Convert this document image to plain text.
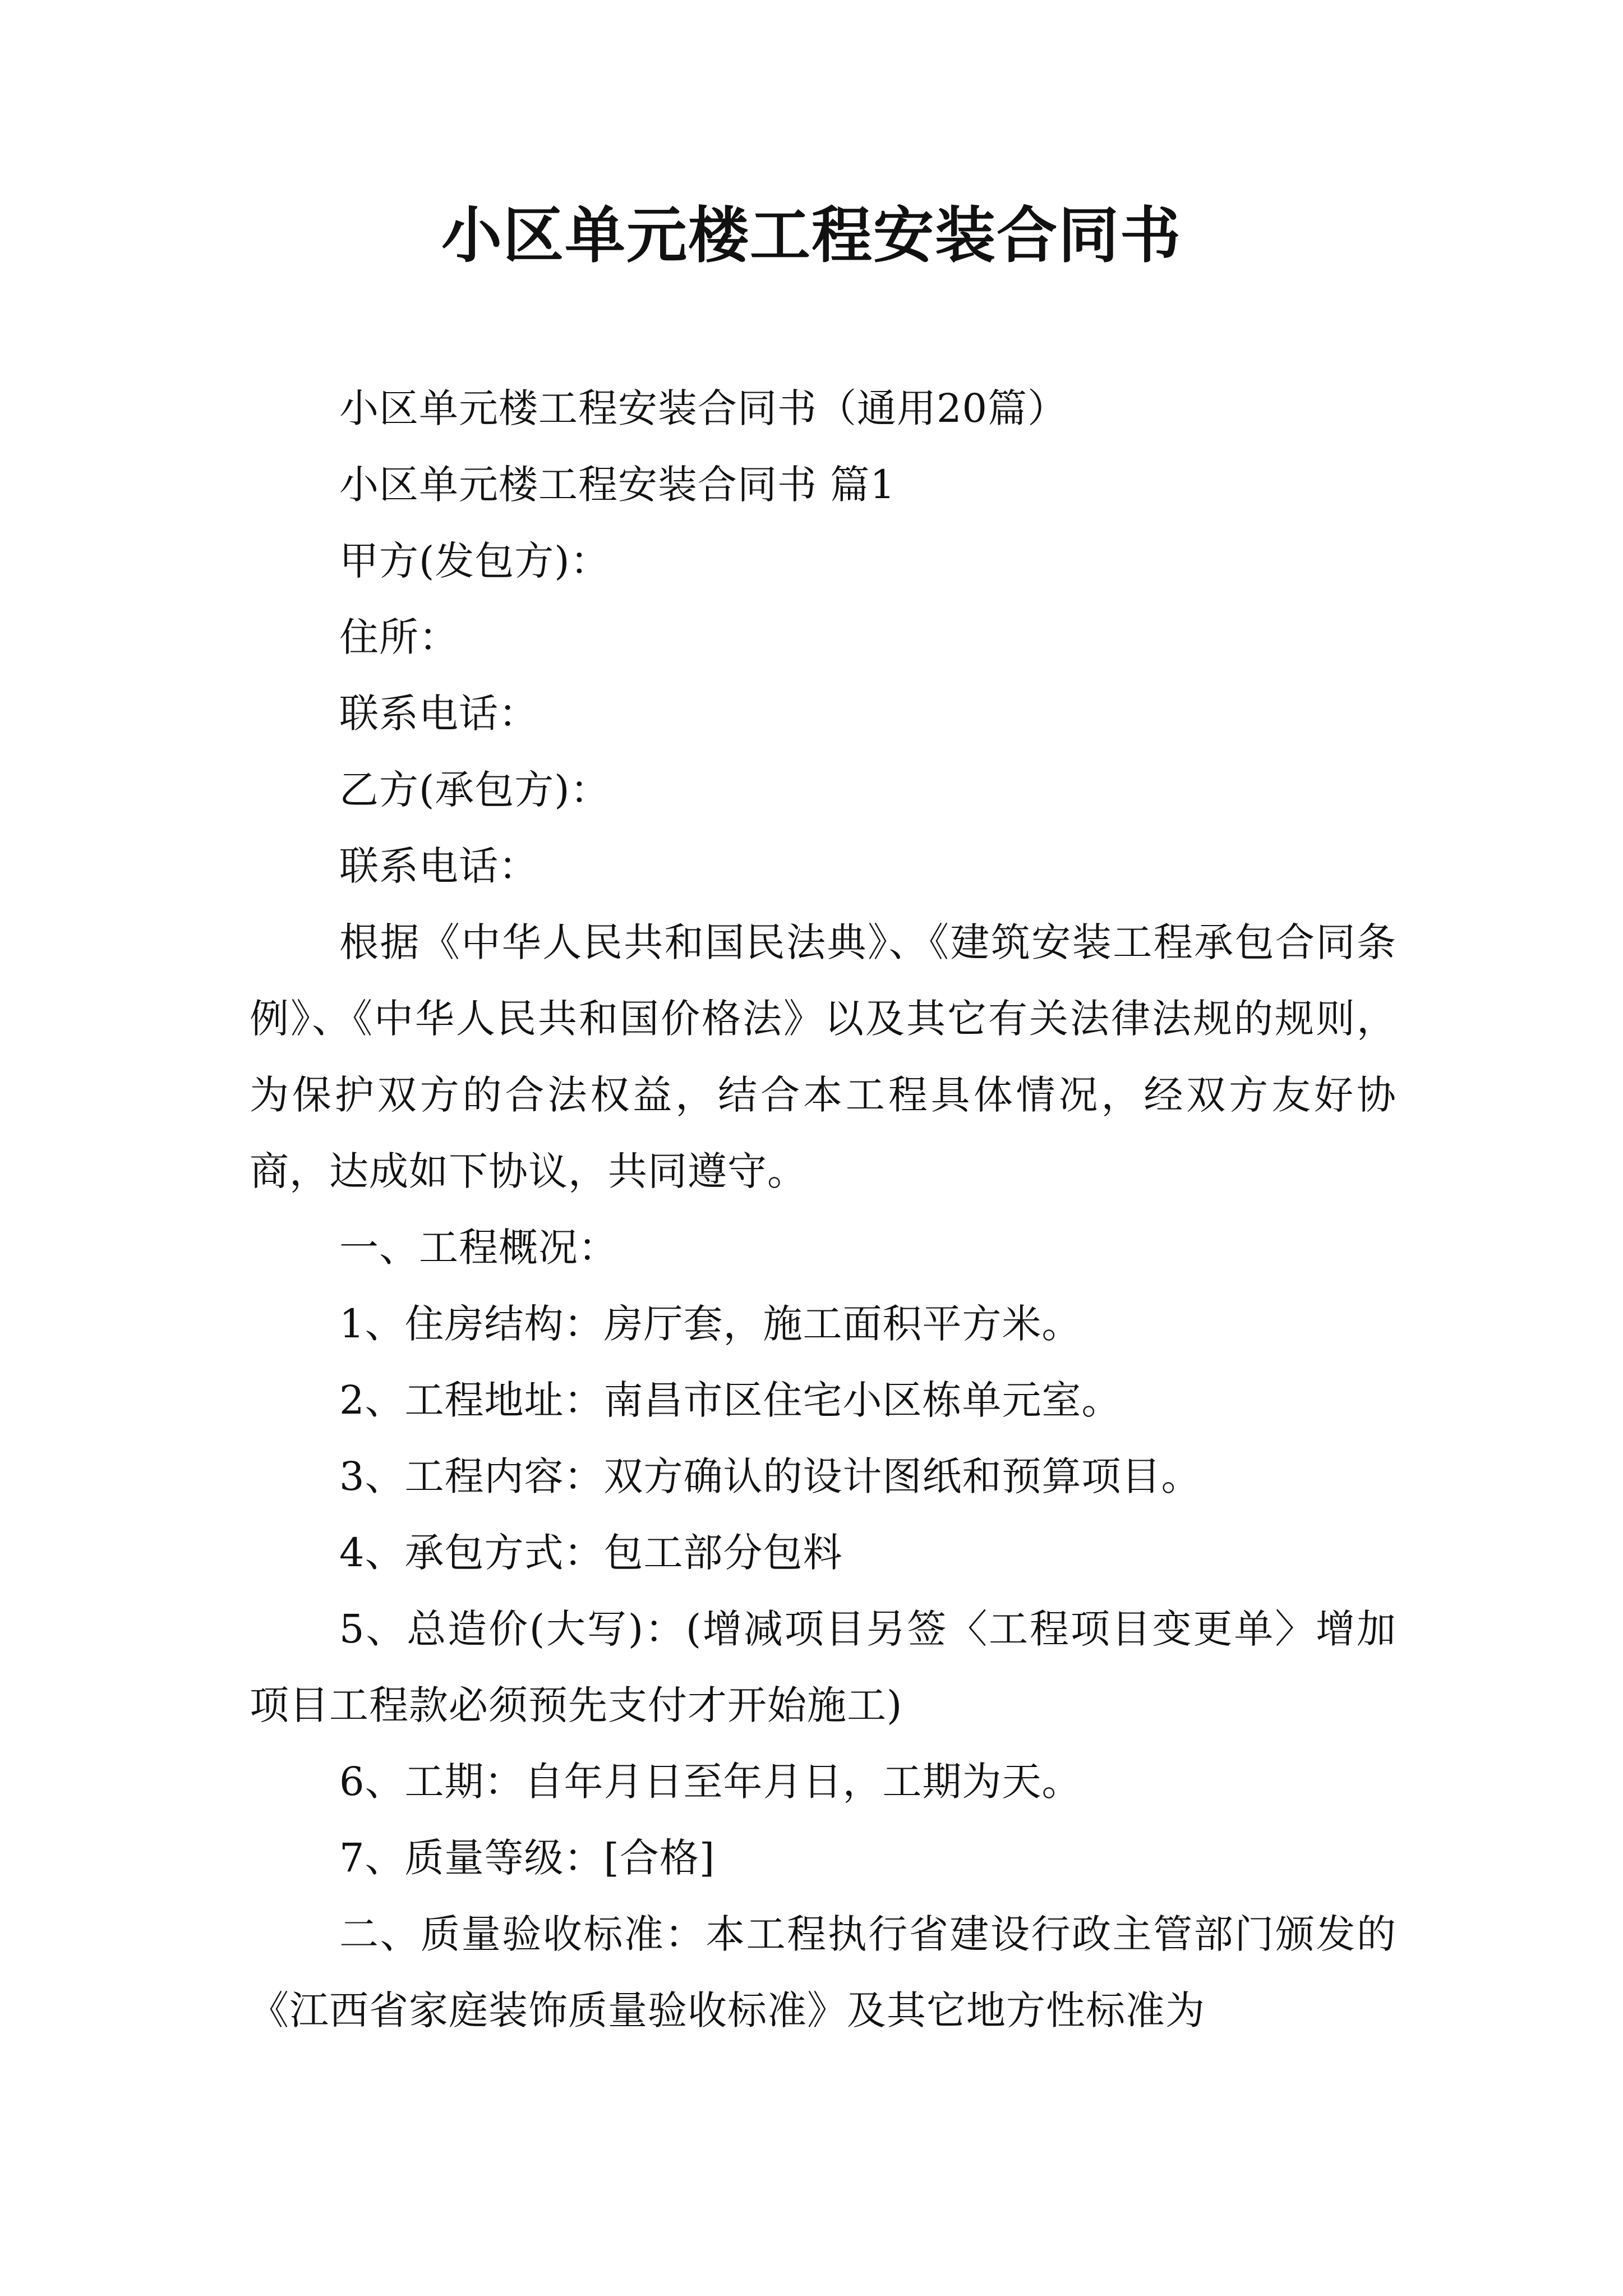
小区单元楼工程安装合同书

小区单元楼工程安装合同书（通用20篇）

小区单元楼工程安装合同书 篇1

甲方(发包方)：

住所：

联系电话：

乙方(承包方)：

联系电话：

根据《中华人民共和国民法典》、《建筑安装工程承包合同条例》、《中华人民共和国价格法》以及其它有关法律法规的规则，为保护双方的合法权益，结合本工程具体情况，经双方友好协商，达成如下协议，共同遵守。

一、工程概况：

1、住房结构：房厅套，施工面积平方米。

2、工程地址：南昌市区住宅小区栋单元室。

3、工程内容：双方确认的设计图纸和预算项目。

4、承包方式：包工部分包料

5、总造价(大写)：(增减项目另签〈工程项目变更单〉增加项目工程款必须预先支付才开始施工)

6、工期：自年月日至年月日，工期为天。

7、质量等级：[合格]

二、质量验收标准：本工程执行省建设行政主管部门颁发的《江西省家庭装饰质量验收标准》及其它地方性标准为
